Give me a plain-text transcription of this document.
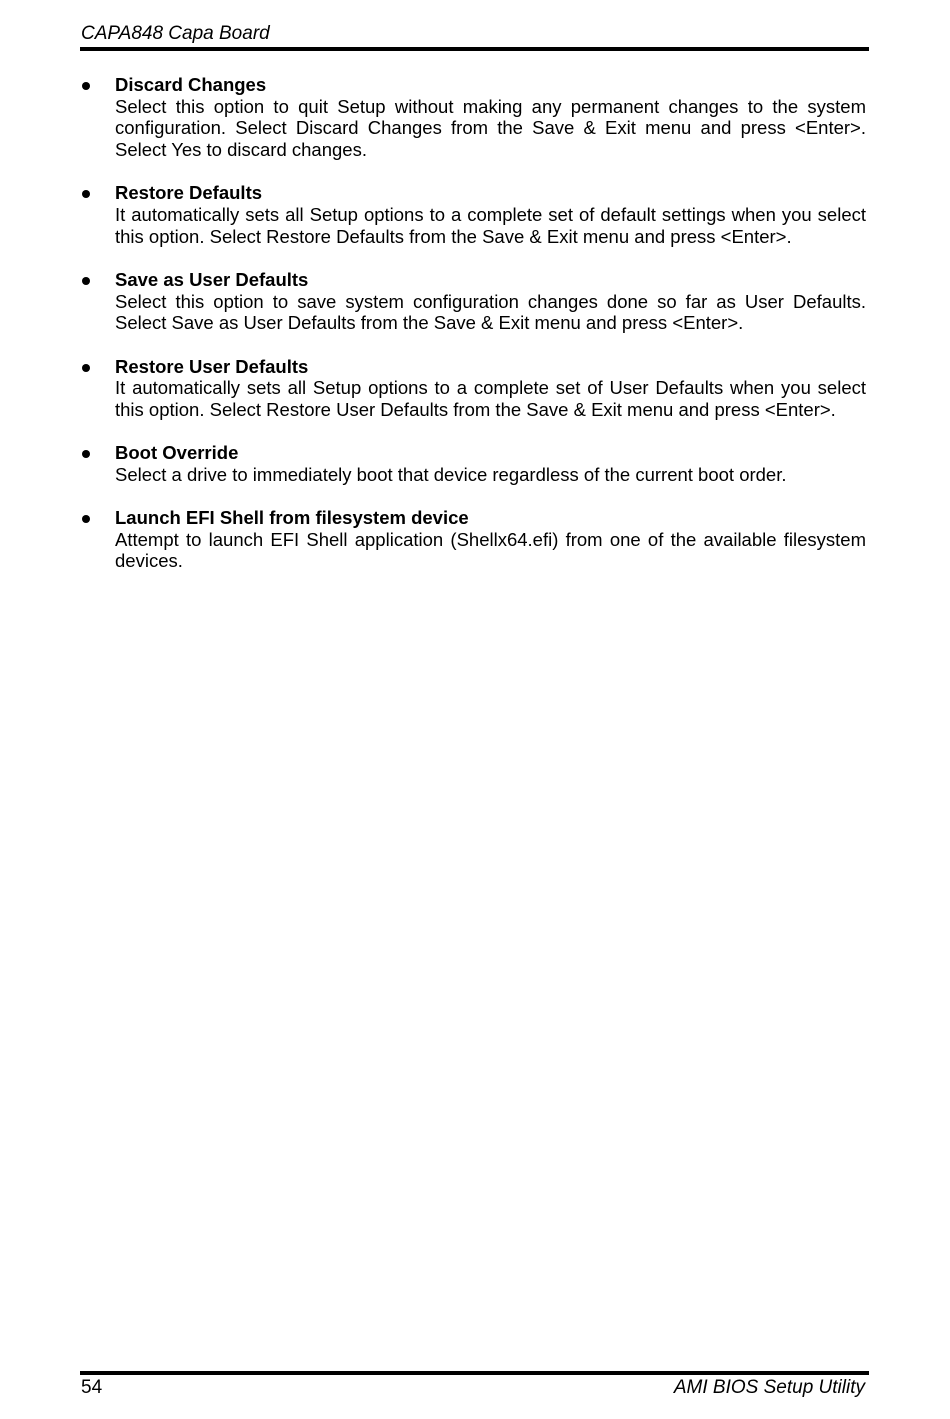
CAPA848 Capa Board
Discard Changes
Select this option to quit Setup without making any permanent changes to the system configuration. Select Discard Changes from the Save & Exit menu and press <Enter>. Select Yes to discard changes.
Restore Defaults
It automatically sets all Setup options to a complete set of default settings when you select this option. Select Restore Defaults from the Save & Exit menu and press <Enter>.
Save as User Defaults
Select this option to save system configuration changes done so far as User Defaults. Select Save as User Defaults from the Save & Exit menu and press <Enter>.
Restore User Defaults
It automatically sets all Setup options to a complete set of User Defaults when you select this option. Select Restore User Defaults from the Save & Exit menu and press <Enter>.
Boot Override
Select a drive to immediately boot that device regardless of the current boot order.
Launch EFI Shell from filesystem device
Attempt to launch EFI Shell application (Shellx64.efi) from one of the available filesystem devices.
54	AMI BIOS Setup Utility
